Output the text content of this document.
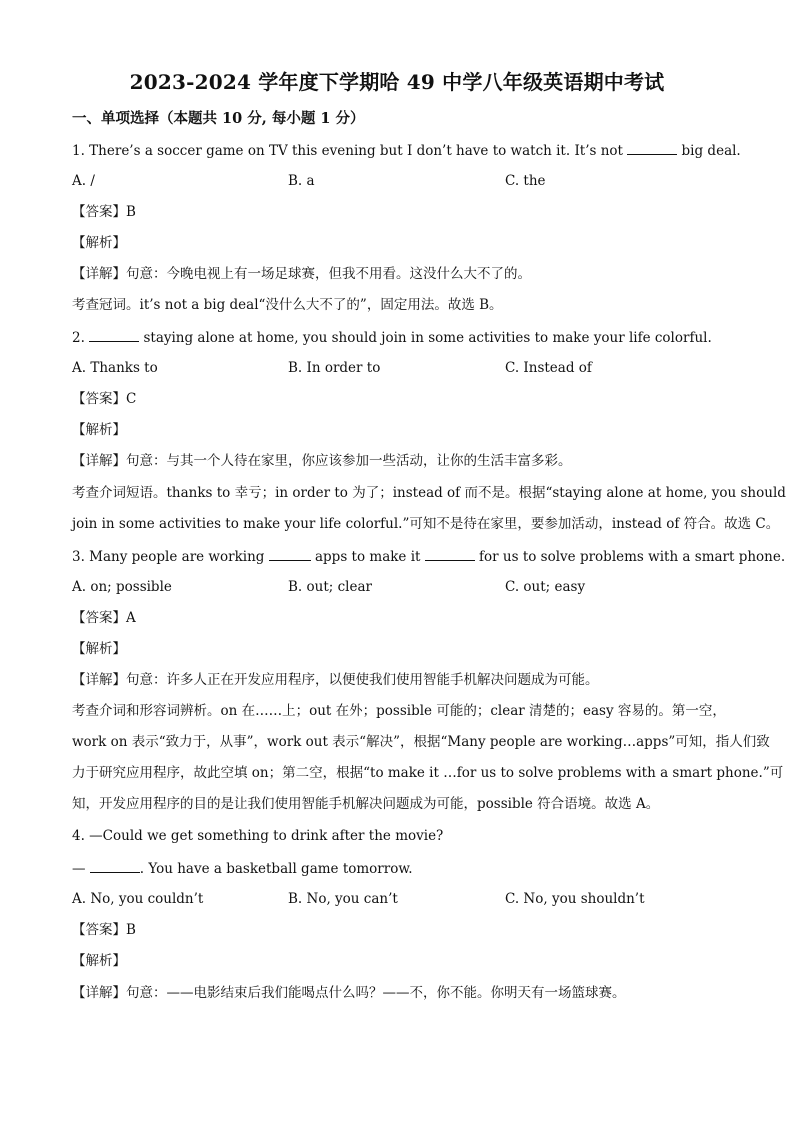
2023-2024 学年度下学期哈 49 中学八年级英语期中考试
一、单项选择（本题共 10 分, 每小题 1 分）
1. There’s a soccer game on TV this evening but I don’t have to watch it. It’s not	big deal.
A. /	B. a	C. the
【答案】B
【解析】
【详解】句意：今晚电视上有一场足球赛，但我不用看。这没什么大不了的。
考查冠词。it’s not a big deal“没什么大不了的”，固定用法。故选 B。
2.	staying alone at home, you should join in some activities to make your life colorful.
A. Thanks to	B. In order to	C. Instead of
【答案】C
【解析】
【详解】句意：与其一个人待在家里，你应该参加一些活动，让你的生活丰富多彩。
考查介词短语。thanks to 幸亏；in order to 为了；instead of 而不是。根据“staying alone at home, you should
join in some activities to make your life colorful.”可知不是待在家里，要参加活动，instead of 符合。故选 C。
3. Many people are working	apps to make it	for us to solve problems with a smart phone.
A. on; possible	B. out; clear	C. out; easy
【答案】A
【解析】
【详解】句意：许多人正在开发应用程序，以便使我们使用智能手机解决问题成为可能。
考查介词和形容词辨析。on 在……上；out 在外；possible 可能的；clear 清楚的；easy 容易的。第一空，
work on 表示“致力于，从事”，work out 表示“解决”，根据“Many people are working…apps”可知，指人们致
力于研究应用程序，故此空填 on；第二空，根据“to make it …for us to solve problems with a smart phone.”可
知，开发应用程序的目的是让我们使用智能手机解决问题成为可能，possible 符合语境。故选 A。
4. —Could we get something to drink after the movie?
—	. You have a basketball game tomorrow.
A. No, you couldn’t	B. No, you can’t	C. No, you shouldn’t
【答案】B
【解析】
【详解】句意：——电影结束后我们能喝点什么吗？——不，你不能。你明天有一场篮球赛。
